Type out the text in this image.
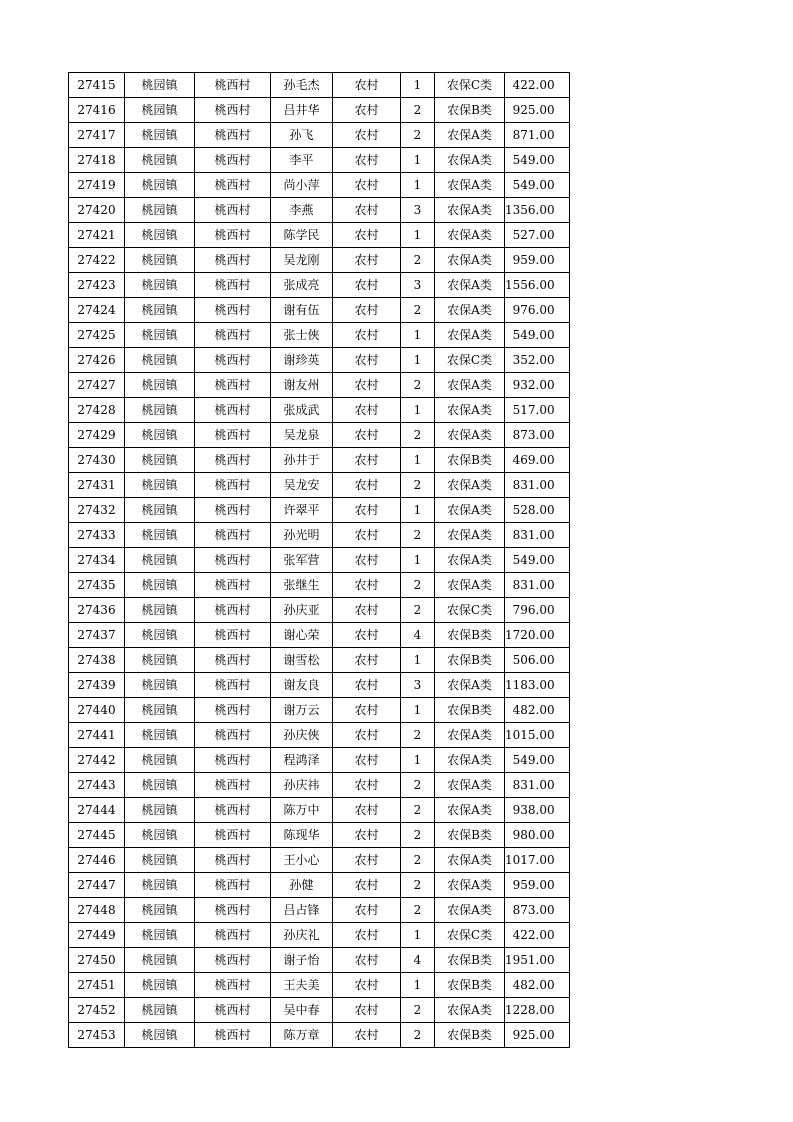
27415	桃园镇	桃西村	孙毛杰	农村	1	农保C类	422.00
27416	桃园镇	桃西村	吕井华	农村	2	农保B类	925.00
27417	桃园镇	桃西村	孙飞	农村	2	农保A类	871.00
27418	桃园镇	桃西村	李平	农村	1	农保A类	549.00
27419	桃园镇	桃西村	尚小萍	农村	1	农保A类	549.00
27420	桃园镇	桃西村	李燕	农村	3	农保A类	1356.00
27421	桃园镇	桃西村	陈学民	农村	1	农保A类	527.00
27422	桃园镇	桃西村	吴龙刚	农村	2	农保A类	959.00
27423	桃园镇	桃西村	张成亮	农村	3	农保A类	1556.00
27424	桃园镇	桃西村	谢有伍	农村	2	农保A类	976.00
27425	桃园镇	桃西村	张士俠	农村	1	农保A类	549.00
27426	桃园镇	桃西村	谢珍英	农村	1	农保C类	352.00
27427	桃园镇	桃西村	谢友州	农村	2	农保A类	932.00
27428	桃园镇	桃西村	张成武	农村	1	农保A类	517.00
27429	桃园镇	桃西村	吴龙泉	农村	2	农保A类	873.00
27430	桃园镇	桃西村	孙井于	农村	1	农保B类	469.00
27431	桃园镇	桃西村	吴龙安	农村	2	农保A类	831.00
27432	桃园镇	桃西村	许翠平	农村	1	农保A类	528.00
27433	桃园镇	桃西村	孙光明	农村	2	农保A类	831.00
27434	桃园镇	桃西村	张军营	农村	1	农保A类	549.00
27435	桃园镇	桃西村	张继生	农村	2	农保A类	831.00
27436	桃园镇	桃西村	孙庆亚	农村	2	农保C类	796.00
27437	桃园镇	桃西村	谢心荣	农村	4	农保B类	1720.00
27438	桃园镇	桃西村	谢雪松	农村	1	农保B类	506.00
27439	桃园镇	桃西村	谢友良	农村	3	农保A类	1183.00
27440	桃园镇	桃西村	谢万云	农村	1	农保B类	482.00
27441	桃园镇	桃西村	孙庆俠	农村	2	农保A类	1015.00
27442	桃园镇	桃西村	程鸿泽	农村	1	农保A类	549.00
27443	桃园镇	桃西村	孙庆祎	农村	2	农保A类	831.00
27444	桃园镇	桃西村	陈万中	农村	2	农保A类	938.00
27445	桃园镇	桃西村	陈现华	农村	2	农保B类	980.00
27446	桃园镇	桃西村	王小心	农村	2	农保A类	1017.00
27447	桃园镇	桃西村	孙健	农村	2	农保A类	959.00
27448	桃园镇	桃西村	吕占锋	农村	2	农保A类	873.00
27449	桃园镇	桃西村	孙庆礼	农村	1	农保C类	422.00
27450	桃园镇	桃西村	谢子怡	农村	4	农保B类	1951.00
27451	桃园镇	桃西村	王夫美	农村	1	农保B类	482.00
27452	桃园镇	桃西村	吴中春	农村	2	农保A类	1228.00
27453	桃园镇	桃西村	陈万章	农村	2	农保B类	925.00
